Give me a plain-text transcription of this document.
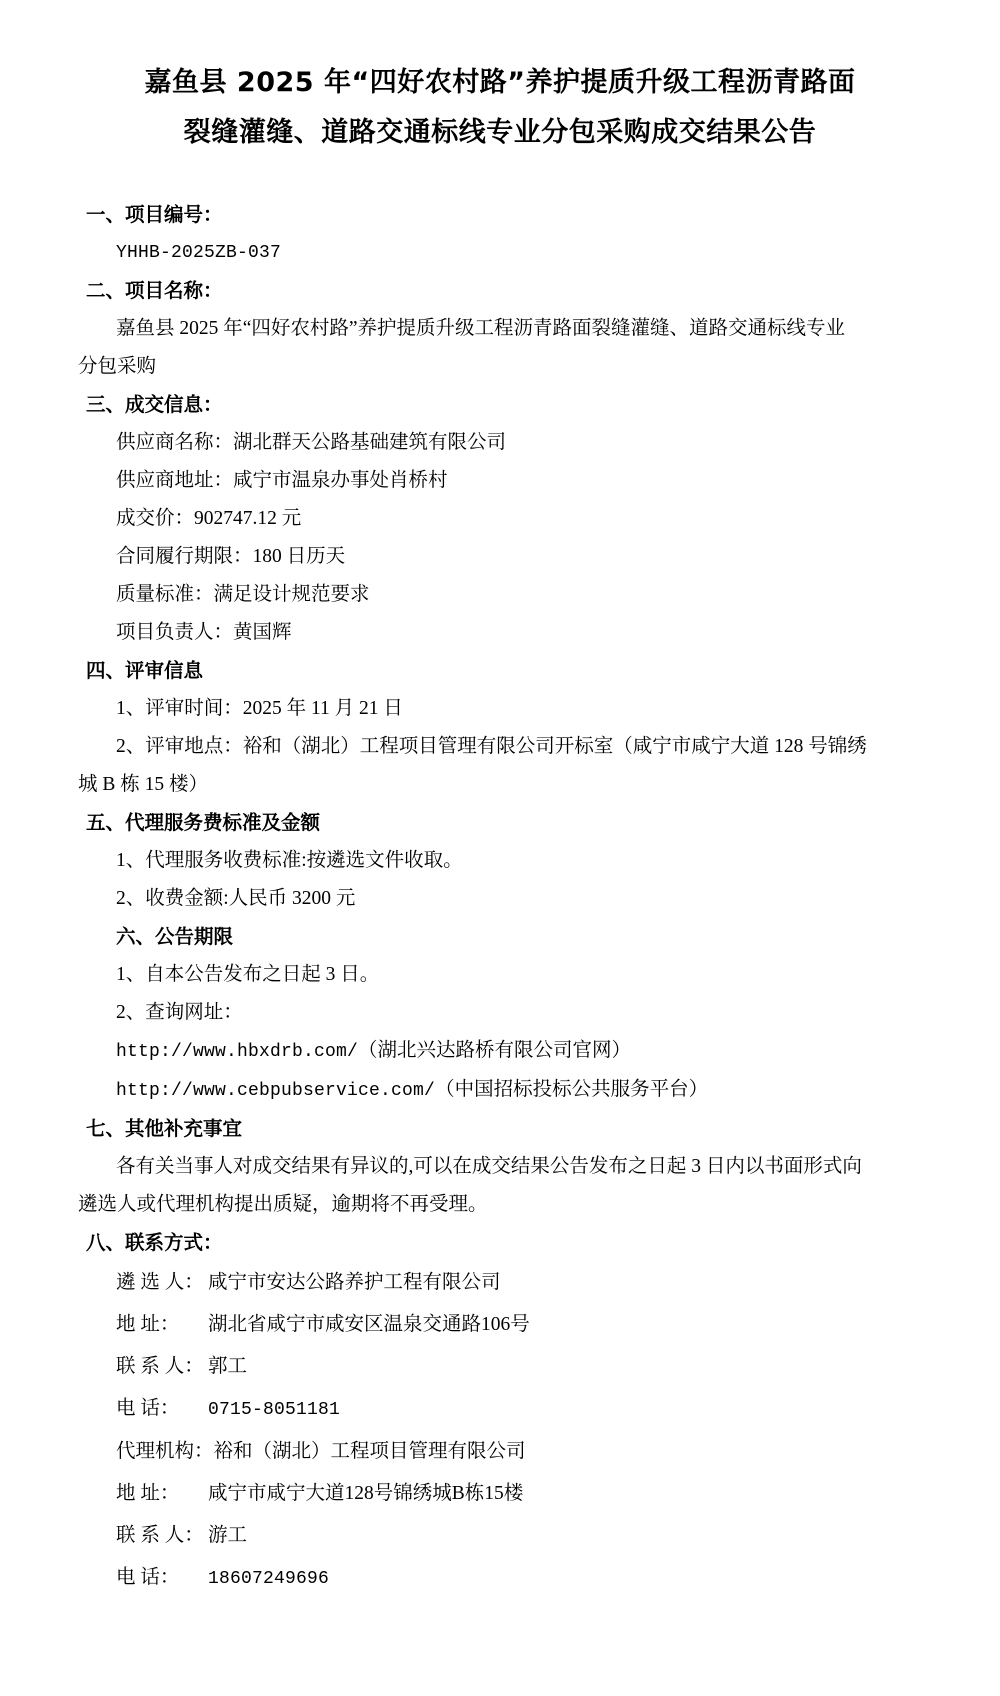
嘉鱼县 2025 年“四好农村路”养护提质升级工程沥青路面
裂缝灌缝、道路交通标线专业分包采购成交结果公告

一、项目编号：

YHHB-2025ZB-037

二、项目名称：

嘉鱼县 2025 年“四好农村路”养护提质升级工程沥青路面裂缝灌缝、道路交通标线专业

分包采购

三、成交信息：

供应商名称：湖北群天公路基础建筑有限公司

供应商地址：咸宁市温泉办事处肖桥村

成交价：902747.12 元

合同履行期限：180 日历天

质量标准：满足设计规范要求

项目负责人：黄国辉

四、评审信息

1、评审时间：2025 年 11 月 21 日

2、评审地点：裕和（湖北）工程项目管理有限公司开标室（咸宁市咸宁大道 128 号锦绣

城 B 栋 15 楼）

五、代理服务费标准及金额

1、代理服务收费标准:按遴选文件收取。

2、收费金额:人民币 3200 元

六、公告期限

1、自本公告发布之日起 3 日。

2、查询网址：

http://www.hbxdrb.com/（湖北兴达路桥有限公司官网）

http://www.cebpubservice.com/（中国招标投标公共服务平台）

七、其他补充事宜

各有关当事人对成交结果有异议的,可以在成交结果公告发布之日起 3 日内以书面形式向

遴选人或代理机构提出质疑，逾期将不再受理。

八、联系方式：

遴 选 人： 咸宁市安达公路养护工程有限公司

地 址： 湖北省咸宁市咸安区温泉交通路106号

联 系 人： 郭工

电 话： 0715-8051181

代理机构：裕和（湖北）工程项目管理有限公司

地 址： 咸宁市咸宁大道128号锦绣城B栋15楼

联 系 人： 游工

电 话： 18607249696
